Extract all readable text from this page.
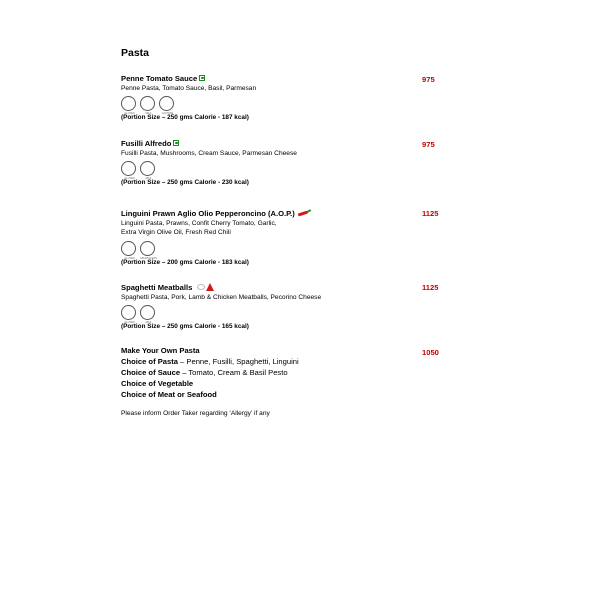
Pasta
Penne Tomato Sauce
Penne Pasta, Tomato Sauce, Basil, Parmesan
GLUTEN
MILK
LACTOSE
(Portion Size – 250 gms Calorie - 187 kcal)
975
Fusilli Alfredo
Fusilli Pasta, Mushrooms, Cream Sauce, Parmesan Cheese
GLUTEN
MILK
(Portion Size – 250 gms Calorie - 230 kcal)
975
Linguini Prawn Aglio Olio Pepperoncino (A.O.P.)
Linguini Pasta, Prawns, Confit Cherry Tomato, Garlic,
Extra Virgin Olive Oil, Fresh Red Chili
GLUTEN
CRUSTACEAN
(Portion Size – 200 gms Calorie - 183 kcal)
1125
Spaghetti Meatballs
Spaghetti Pasta, Pork, Lamb & Chicken Meatballs, Pecorino Cheese
GLUTEN
MILK
(Portion Size – 250 gms Calorie - 165 kcal)
1125
Make Your Own Pasta
Choice of Pasta – Penne, Fusilli, Spaghetti, Linguini
Choice of Sauce – Tomato, Cream & Basil Pesto
Choice of Vegetable
Choice of Meat or Seafood
1050
Please inform Order Taker regarding ‘Allergy’ if any
